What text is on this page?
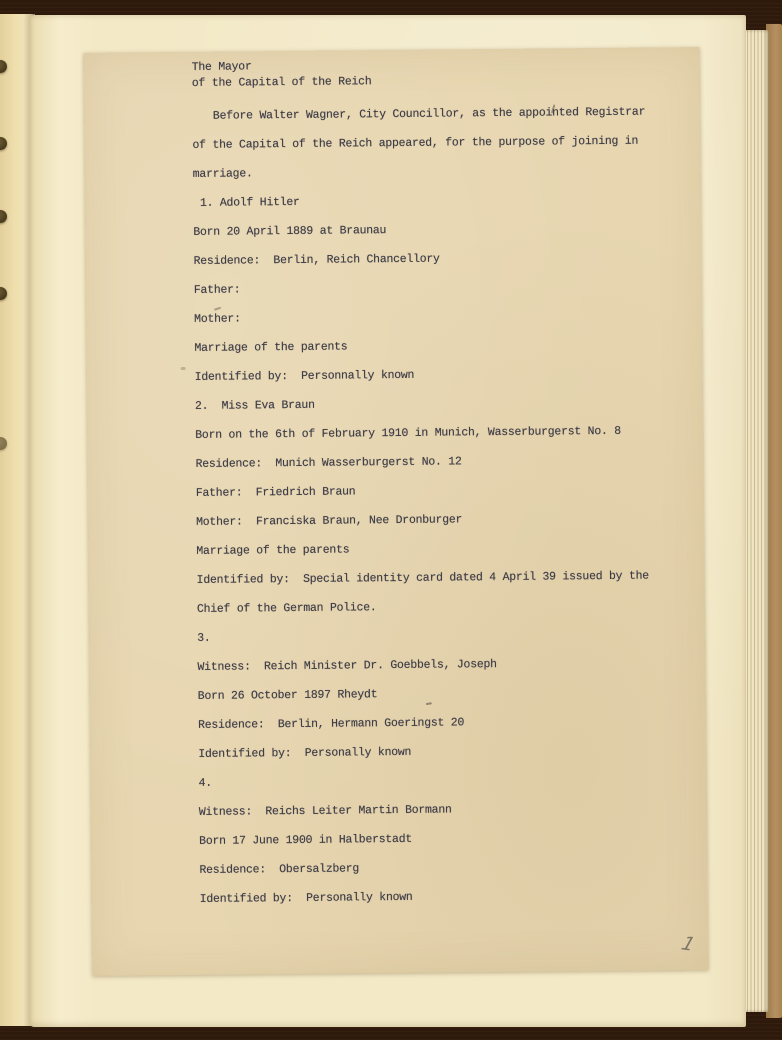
The Mayor
of the Capital of the Reich
Before Walter Wagner, City Councillor, as the appointed Registrar
of the Capital of the Reich appeared, for the purpose of joining in
marriage.
1. Adolf Hitler
Born 20 April 1889 at Braunau
Residence:  Berlin, Reich Chancellory
Father:
Mother:
Marriage of the parents
Identified by:  Personnally known
2.  Miss Eva Braun
Born on the 6th of February 1910 in Munich, Wasserburgerst No. 8
Residence:  Munich Wasserburgerst No. 12
Father:  Friedrich Braun
Mother:  Franciska Braun, Nee Dronburger
Marriage of the parents
Identified by:  Special identity card dated 4 April 39 issued by the
Chief of the German Police.
3.
Witness:  Reich Minister Dr. Goebbels, Joseph
Born 26 October 1897 Rheydt
Residence:  Berlin, Hermann Goeringst 20
Identified by:  Personally known
4.
Witness:  Reichs Leiter Martin Bormann
Born 17 June 1900 in Halberstadt
Residence:  Obersalzberg
Identified by:  Personally known
1
